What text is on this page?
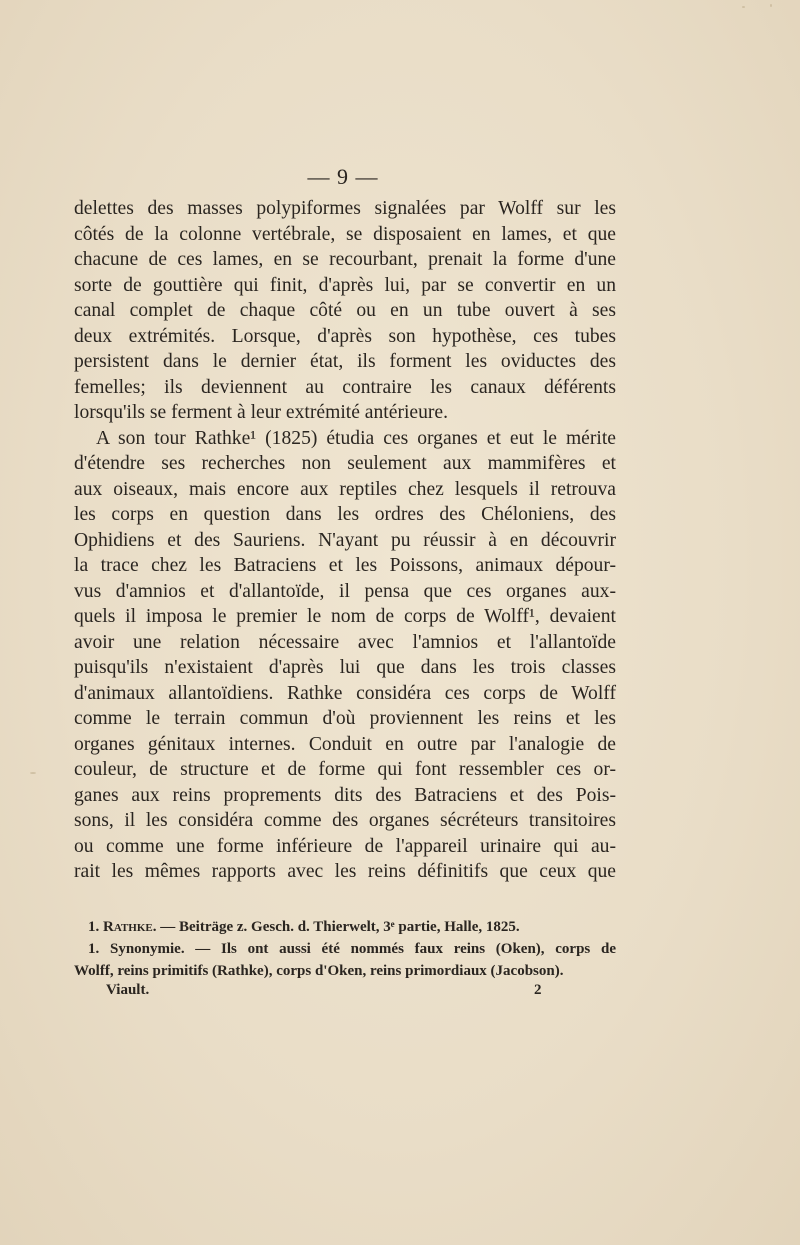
— 9 —

delettes des masses polypiformes signalées par Wolff sur les
côtés de la colonne vertébrale, se disposaient en lames, et que
chacune de ces lames, en se recourbant, prenait la forme d'une
sorte de gouttière qui finit, d'après lui, par se convertir en un
canal complet de chaque côté ou en un tube ouvert à ses
deux extrémités. Lorsque, d'après son hypothèse, ces tubes
persistent dans le dernier état, ils forment les oviductes des
femelles; ils deviennent au contraire les canaux déférents
lorsqu'ils se ferment à leur extrémité antérieure.

A son tour Rathke¹ (1825) étudia ces organes et eut le mérite
d'étendre ses recherches non seulement aux mammifères et
aux oiseaux, mais encore aux reptiles chez lesquels il retrouva
les corps en question dans les ordres des Chéloniens, des
Ophidiens et des Sauriens. N'ayant pu réussir à en découvrir
la trace chez les Batraciens et les Poissons, animaux dépour-
vus d'amnios et d'allantoïde, il pensa que ces organes aux-
quels il imposa le premier le nom de corps de Wolff¹, devaient
avoir une relation nécessaire avec l'amnios et l'allantoïde
puisqu'ils n'existaient d'après lui que dans les trois classes
d'animaux allantoïdiens. Rathke considéra ces corps de Wolff
comme le terrain commun d'où proviennent les reins et les
organes génitaux internes. Conduit en outre par l'analogie de
couleur, de structure et de forme qui font ressembler ces or-
ganes aux reins proprements dits des Batraciens et des Pois-
sons, il les considéra comme des organes sécréteurs transitoires
ou comme une forme inférieure de l'appareil urinaire qui au-
rait les mêmes rapports avec les reins définitifs que ceux que

1. Rathke. — Beiträge z. Gesch. d. Thierwelt, 3ᵉ partie, Halle, 1825.

1. Synonymie. — Ils ont aussi été nommés faux reins (Oken), corps de
Wolff, reins primitifs (Rathke), corps d'Oken, reins primordiaux (Jacobson).

Viault.	2
